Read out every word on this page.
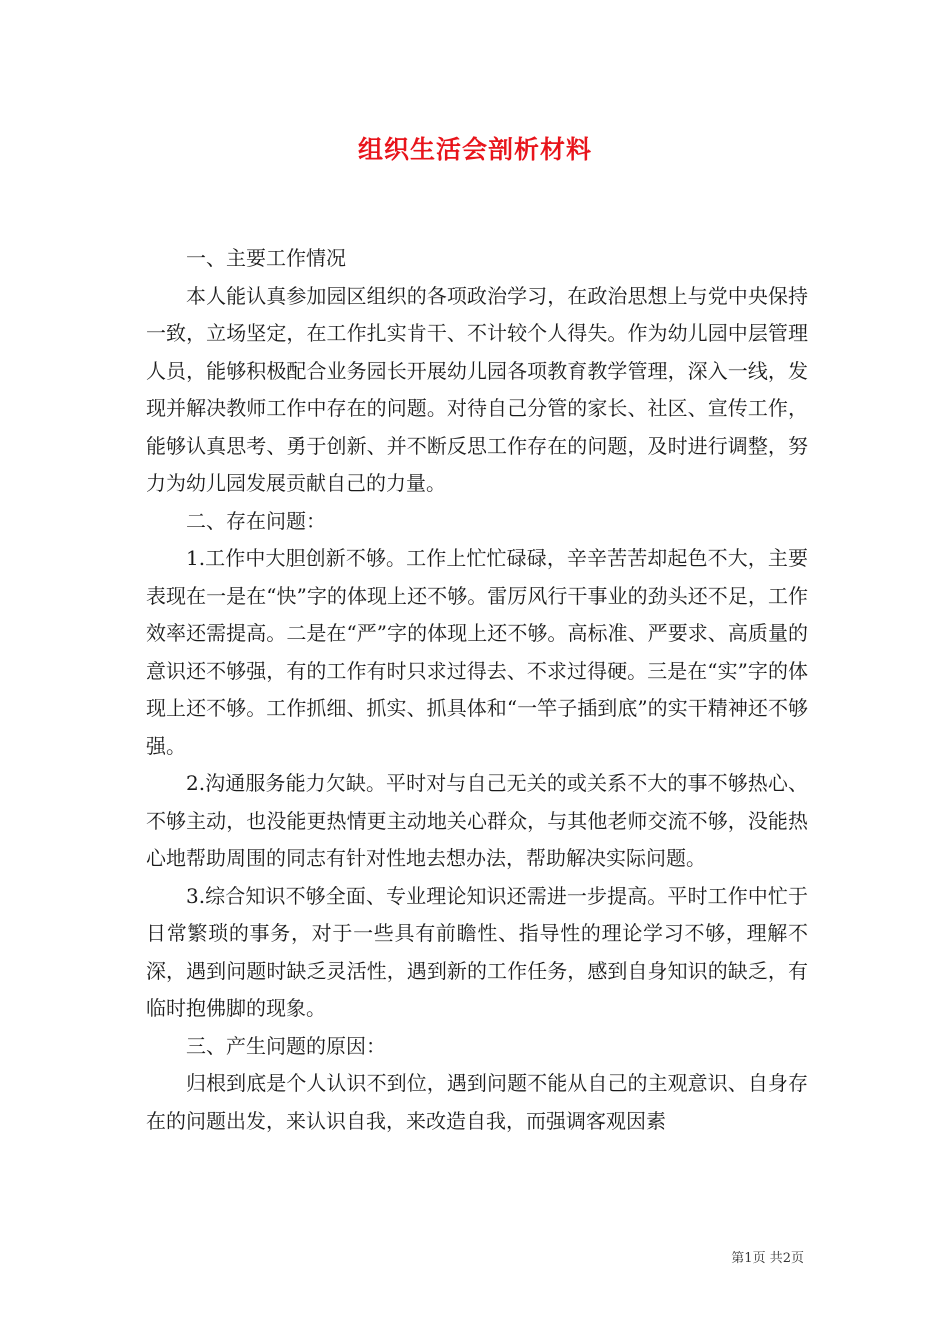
组织生活会剖析材料

一、主要工作情况

本人能认真参加园区组织的各项政治学习，在政治思想上与党中央保持一致，立场坚定，在工作扎实肯干、不计较个人得失。作为幼儿园中层管理人员，能够积极配合业务园长开展幼儿园各项教育教学管理，深入一线，发现并解决教师工作中存在的问题。对待自己分管的家长、社区、宣传工作，能够认真思考、勇于创新、并不断反思工作存在的问题，及时进行调整，努力为幼儿园发展贡献自己的力量。

二、存在问题：

1.工作中大胆创新不够。工作上忙忙碌碌，辛辛苦苦却起色不大，主要表现在一是在“快”字的体现上还不够。雷厉风行干事业的劲头还不足，工作效率还需提高。二是在“严”字的体现上还不够。高标准、严要求、高质量的意识还不够强，有的工作有时只求过得去、不求过得硬。三是在“实”字的体现上还不够。工作抓细、抓实、抓具体和“一竿子插到底”的实干精神还不够强。

2.沟通服务能力欠缺。平时对与自己无关的或关系不大的事不够热心、不够主动，也没能更热情更主动地关心群众，与其他老师交流不够，没能热心地帮助周围的同志有针对性地去想办法，帮助解决实际问题。

3.综合知识不够全面、专业理论知识还需进一步提高。平时工作中忙于日常繁琐的事务，对于一些具有前瞻性、指导性的理论学习不够，理解不深，遇到问题时缺乏灵活性，遇到新的工作任务，感到自身知识的缺乏，有临时抱佛脚的现象。

三、产生问题的原因：

归根到底是个人认识不到位，遇到问题不能从自己的主观意识、自身存在的问题出发，来认识自我，来改造自我，而强调客观因素

第1页 共2页
